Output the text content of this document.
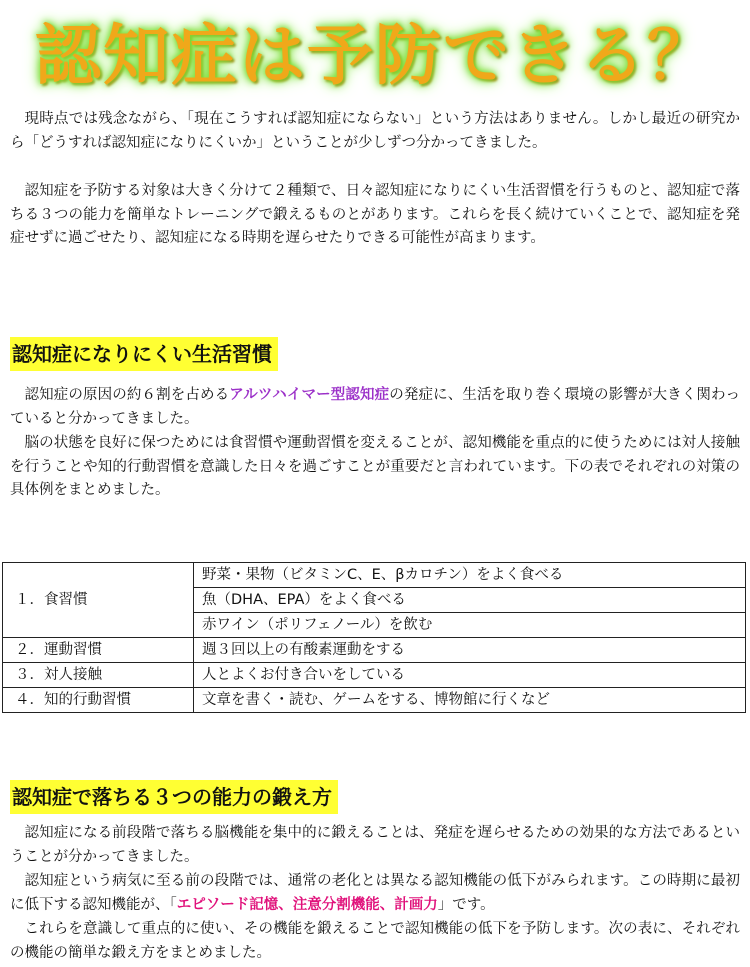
認知症は予防できる？

現時点では残念ながら、「現在こうすれば認知症にならない」という方法はありません。しかし最近の研究から「どうすれば認知症になりにくいか」ということが少しずつ分かってきました。

認知症を予防する対象は大きく分けて２種類で、日々認知症になりにくい生活習慣を行うものと、認知症で落ちる３つの能力を簡単なトレーニングで鍛えるものとがあります。これらを長く続けていくことで、認知症を発症せずに過ごせたり、認知症になる時期を遅らせたりできる可能性が高まります。

認知症になりにくい生活習慣

認知症の原因の約６割を占めるアルツハイマー型認知症の発症に、生活を取り巻く環境の影響が大きく関わっていると分かってきました。

脳の状態を良好に保つためには食習慣や運動習慣を変えることが、認知機能を重点的に使うためには対人接触を行うことや知的行動習慣を意識した日々を過ごすことが重要だと言われています。下の表でそれぞれの対策の具体例をまとめました。

１．食習慣	野菜・果物（ビタミンC、E、βカロチン）をよく食べる
	魚（DHA、EPA）をよく食べる
	赤ワイン（ポリフェノール）を飲む
２．運動習慣	週３回以上の有酸素運動をする
３．対人接触	人とよくお付き合いをしている
４．知的行動習慣	文章を書く・読む、ゲームをする、博物館に行くなど
認知症で落ちる３つの能力の鍛え方

認知症になる前段階で落ちる脳機能を集中的に鍛えることは、発症を遅らせるための効果的な方法であるということが分かってきました。

認知症という病気に至る前の段階では、通常の老化とは異なる認知機能の低下がみられます。この時期に最初に低下する認知機能が、「エピソード記憶、注意分割機能、計画力」です。

これらを意識して重点的に使い、その機能を鍛えることで認知機能の低下を予防します。次の表に、それぞれの機能の簡単な鍛え方をまとめました。
